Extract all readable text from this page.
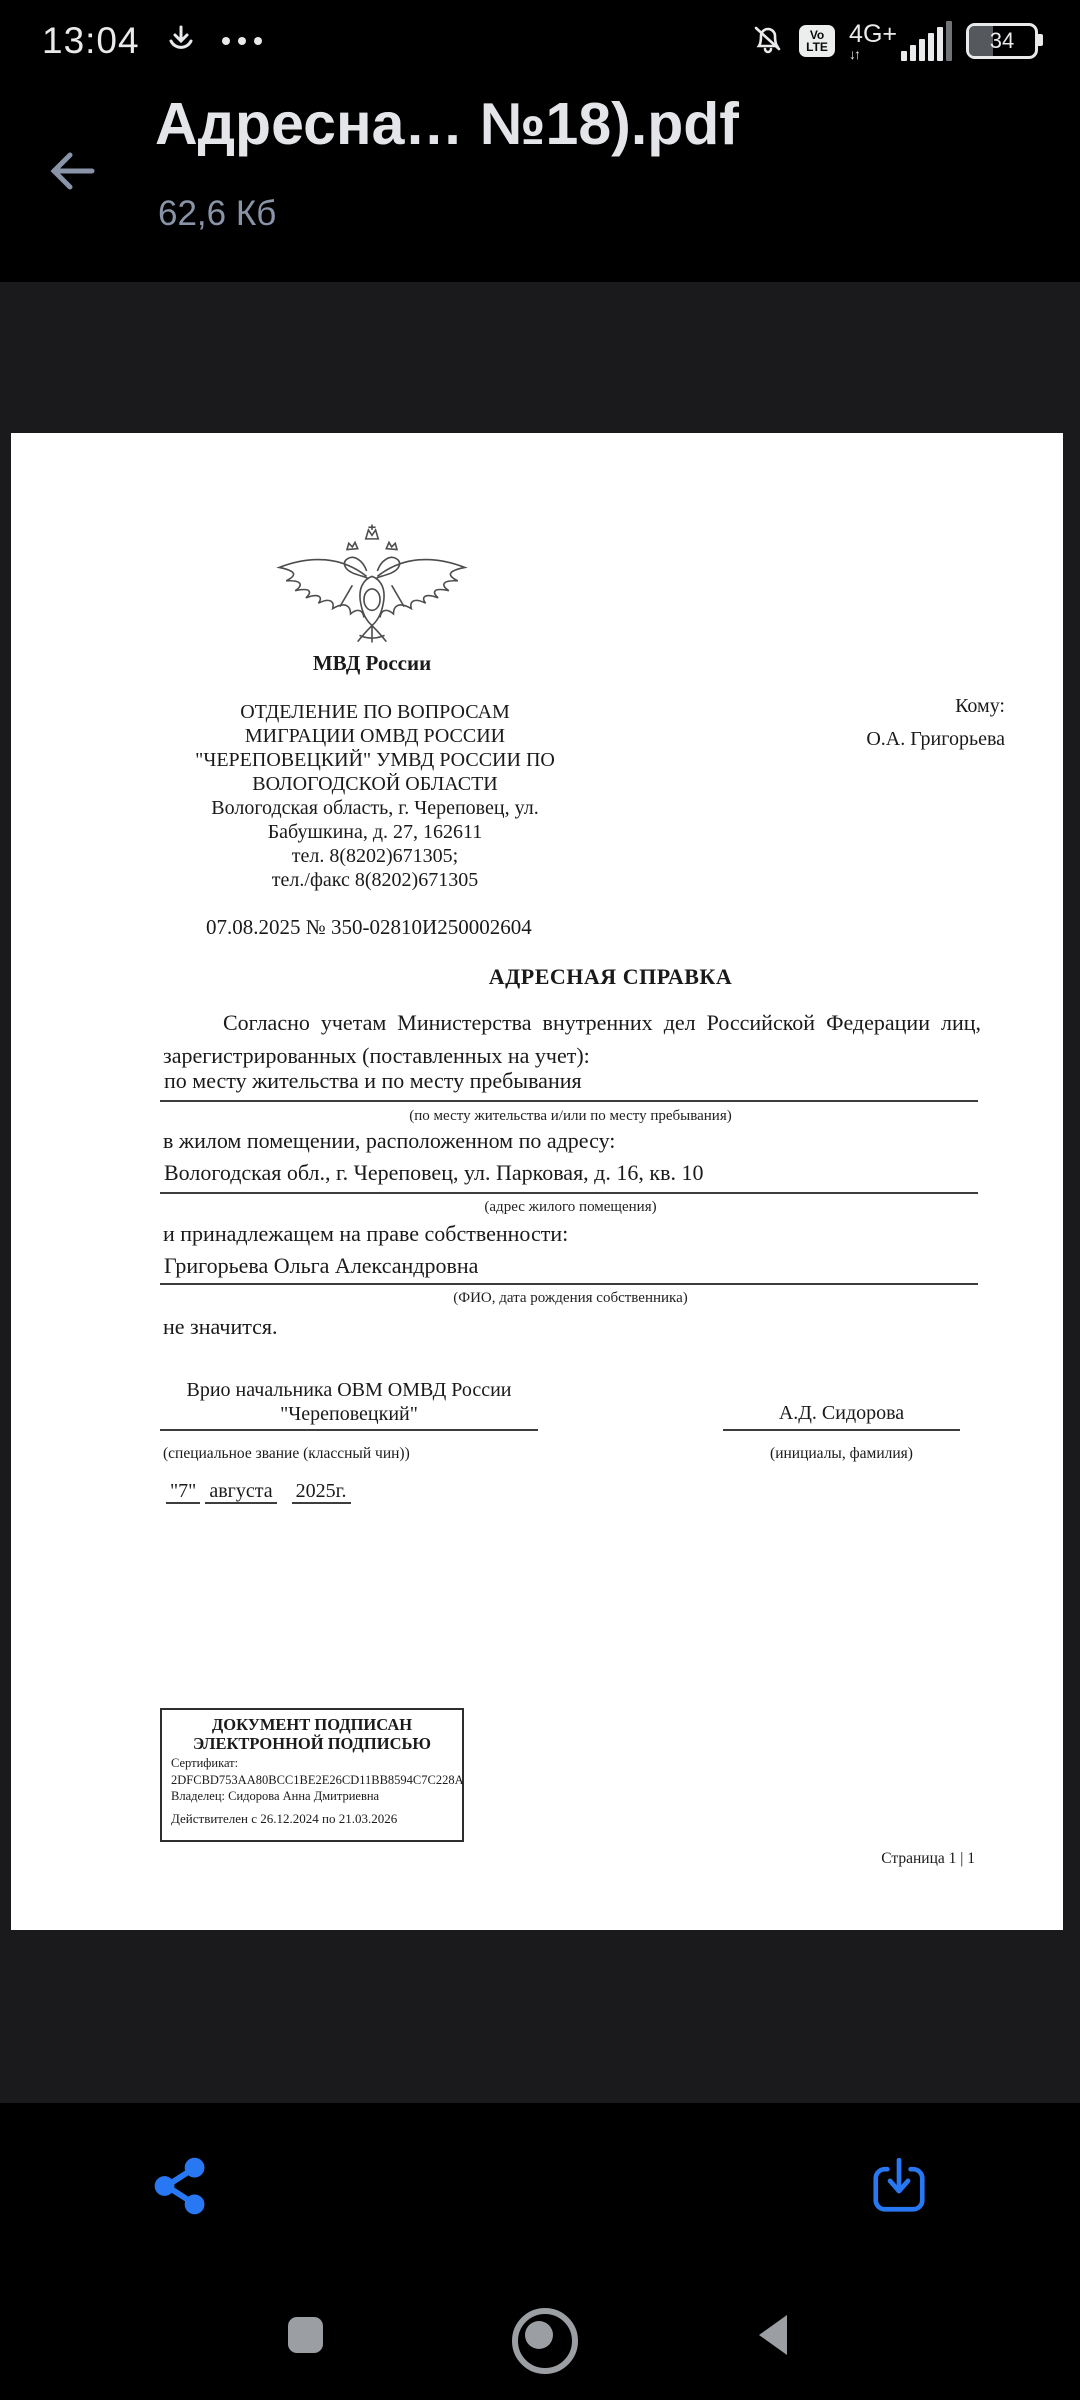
13:04	Vo
LTE 4G+
↓↑
34
Адресна… №18).pdf
62,6 Кб
МВД России
ОТДЕЛЕНИЕ ПО ВОПРОСАМ
МИГРАЦИИ ОМВД РОССИИ
"ЧЕРЕПОВЕЦКИЙ" УМВД РОССИИ ПО
ВОЛОГОДСКОЙ ОБЛАСТИ
Вологодская область, г. Череповец, ул.
Бабушкина, д. 27, 162611
тел. 8(8202)671305;
тел./факс 8(8202)671305
Кому:
О.А. Григорьева
07.08.2025 № 350-02810И250002604
АДРЕСНАЯ СПРАВКА
Согласно учетам Министерства внутренних дел Российской Федерации лиц, зарегистрированных (поставленных на учет):
по месту жительства и по месту пребывания
(по месту жительства и/или по месту пребывания)
в жилом помещении, расположенном по адресу:
Вологодская обл., г. Череповец, ул. Парковая, д. 16, кв. 10
(адрес жилого помещения)
и принадлежащем на праве собственности:
Григорьева Ольга Александровна
(ФИО, дата рождения собственника)
не значится.
Врио начальника ОВМ ОМВД России
"Череповецкий"
(специальное звание (классный чин))
А.Д. Сидорова
(инициалы, фамилия)
"7" августа 2025г.
ДОКУМЕНТ ПОДПИСАН
ЭЛЕКТРОННОЙ ПОДПИСЬЮ
Сертификат:
2DFCBD753AA80BCC1BE2E26CD11BB8594C7C228A
Владелец: Сидорова Анна Дмитриевна
Действителен с 26.12.2024 по 21.03.2026
Страница 1 | 1
